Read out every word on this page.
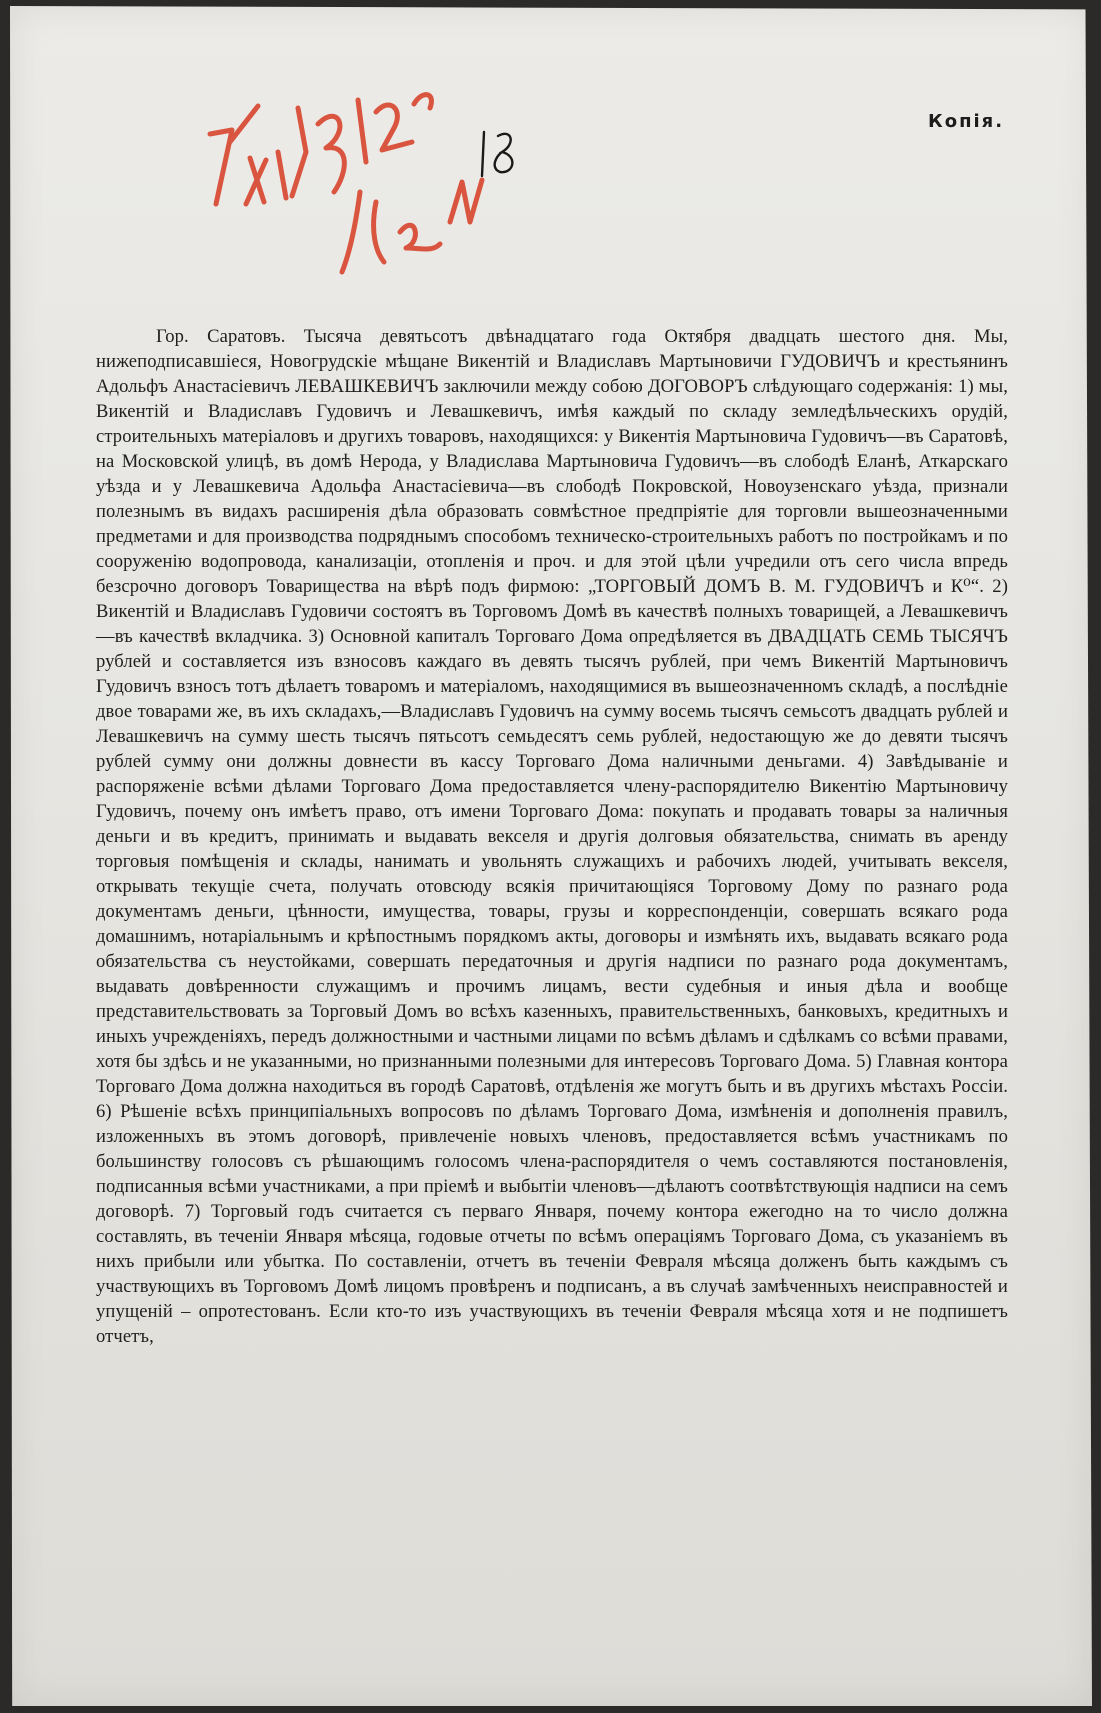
Копія.
Гор. Саратовъ. Тысяча девятьсотъ двѣнадцатаго года Октября двадцать шестого дня. Мы, нижеподписавшіеся, Новогрудскіе мѣщане Викентій и Владиславъ Мартыновичи ГУДОВИЧЪ и крестьянинъ Адольфъ Анастасіевичъ ЛЕВАШКЕВИЧЪ заключили между собою ДОГОВОРЪ слѣдующаго содержанія: 1) мы, Викентій и Владиславъ Гудовичъ и Левашкевичъ, имѣя каждый по складу земледѣльческихъ орудій, строительныхъ матеріаловъ и другихъ товаровъ, находящихся: у Викентія Мартыновича Гудовичъ—въ Саратовѣ, на Московской улицѣ, въ домѣ Нерода, у Владислава Мартыновича Гудовичъ—въ слободѣ Еланѣ, Аткарскаго уѣзда и у Левашкевича Адольфа Анастасіевича—въ слободѣ Покровской, Новоузенскаго уѣзда, признали полезнымъ въ видахъ расширенія дѣла образовать совмѣстное предпріятіе для торговли вышеозначенными предметами и для производства подряднымъ способомъ техническо-строительныхъ работъ по постройкамъ и по сооруженію водопровода, канализаціи, отопленія и проч. и для этой цѣли учредили отъ сего числа впредь безсрочно договоръ Товарищества на вѣрѣ подъ фирмою: „ТОРГОВЫЙ ДОМЪ В. М. ГУДОВИЧЪ и К⁰“. 2) Викентій и Владиславъ Гудовичи состоятъ въ Торговомъ Домѣ въ качествѣ полныхъ товарищей, а Левашкевичъ—въ качествѣ вкладчика. 3) Основной капиталъ Торговаго Дома опредѣляется въ ДВАДЦАТЬ СЕМЬ ТЫСЯЧЪ рублей и составляется изъ взносовъ каждаго въ девять тысячъ рублей, при чемъ Викентій Мартыновичъ Гудовичъ взносъ тотъ дѣлаетъ товаромъ и матеріаломъ, находящимися въ вышеозначенномъ складѣ, а послѣдніе двое товарами же, въ ихъ складахъ,—Владиславъ Гудовичъ на сумму восемь тысячъ семьсотъ двадцать рублей и Левашкевичъ на сумму шесть тысячъ пятьсотъ семьдесятъ семь рублей, недостающую же до девяти тысячъ рублей сумму они должны довнести въ кассу Торговаго Дома наличными деньгами. 4) Завѣдываніе и распоряженіе всѣми дѣлами Торговаго Дома предоставляется члену-распорядителю Викентію Мартыновичу Гудовичъ, почему онъ имѣетъ право, отъ имени Торговаго Дома: покупать и продавать товары за наличныя деньги и въ кредитъ, принимать и выдавать векселя и другія долговыя обязательства, снимать въ аренду торговыя помѣщенія и склады, нанимать и увольнять служащихъ и рабочихъ людей, учитывать векселя, открывать текущіе счета, получать отовсюду всякія причитающіяся Торговому Дому по разнаго рода документамъ деньги, цѣнности, имущества, товары, грузы и корреспонденціи, совершать всякаго рода домашнимъ, нотаріальнымъ и крѣпостнымъ порядкомъ акты, договоры и измѣнять ихъ, выдавать всякаго рода обязательства съ неустойками, совершать передаточныя и другія надписи по разнаго рода документамъ, выдавать довѣренности служащимъ и прочимъ лицамъ, вести судебныя и иныя дѣла и вообще представительствовать за Торговый Домъ во всѣхъ казенныхъ, правительственныхъ, банковыхъ, кредитныхъ и иныхъ учрежденіяхъ, передъ должностными и частными лицами по всѣмъ дѣламъ и сдѣлкамъ со всѣми правами, хотя бы здѣсь и не указанными, но признанными полезными для интересовъ Торговаго Дома. 5) Главная контора Торговаго Дома должна находиться въ городѣ Саратовѣ, отдѣленія же могутъ быть и въ другихъ мѣстахъ Россіи. 6) Рѣшеніе всѣхъ принципіальныхъ вопросовъ по дѣламъ Торговаго Дома, измѣненія и дополненія правилъ, изложенныхъ въ этомъ договорѣ, привлеченіе новыхъ членовъ, предоставляется всѣмъ участникамъ по большинству голосовъ съ рѣшающимъ голосомъ члена-распорядителя о чемъ составляются постановленія, подписанныя всѣми участниками, а при пріемѣ и выбытіи членовъ—дѣлаютъ соотвѣтствующія надписи на семъ договорѣ. 7) Торговый годъ считается съ перваго Января, почему контора ежегодно на то число должна составлять, въ теченіи Января мѣсяца, годовые отчеты по всѣмъ операціямъ Торговаго Дома, съ указаніемъ въ нихъ прибыли или убытка. По составленіи, отчетъ въ теченіи Февраля мѣсяца долженъ быть каждымъ съ участвующихъ въ Торговомъ Домѣ лицомъ провѣренъ и подписанъ, а въ случаѣ замѣченныхъ неисправностей и упущеній – опротестованъ. Если кто-то изъ участвующихъ въ теченіи Февраля мѣсяца хотя и не подпишетъ отчетъ,
